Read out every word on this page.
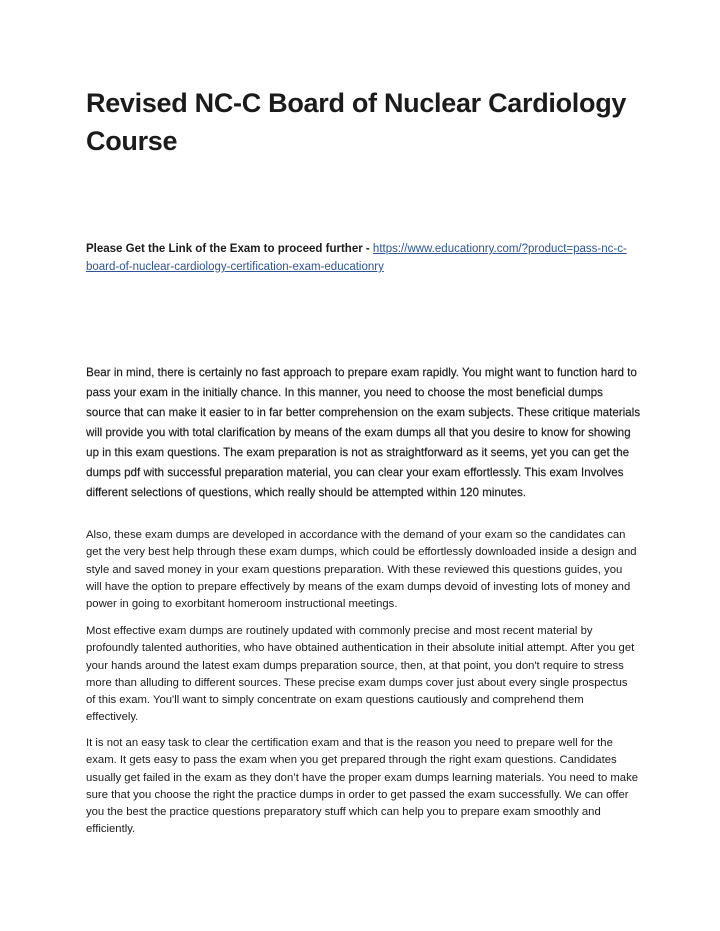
Revised NC-C Board of Nuclear Cardiology Course

Please Get the Link of the Exam to proceed further - https://www.educationry.com/?product=pass-nc-c-board-of-nuclear-cardiology-certification-exam-educationry

Bear in mind, there is certainly no fast approach to prepare exam rapidly. You might want to function hard to pass your exam in the initially chance. In this manner, you need to choose the most beneficial dumps source that can make it easier to in far better comprehension on the exam subjects. These critique materials will provide you with total clarification by means of the exam dumps all that you desire to know for showing up in this exam questions. The exam preparation is not as straightforward as it seems, yet you can get the dumps pdf with successful preparation material, you can clear your exam effortlessly. This exam Involves different selections of questions, which really should be attempted within 120 minutes.

Also, these exam dumps are developed in accordance with the demand of your exam so the candidates can get the very best help through these exam dumps, which could be effortlessly downloaded inside a design and style and saved money in your exam questions preparation. With these reviewed this questions guides, you will have the option to prepare effectively by means of the exam dumps devoid of investing lots of money and power in going to exorbitant homeroom instructional meetings.

Most effective exam dumps are routinely updated with commonly precise and most recent material by profoundly talented authorities, who have obtained authentication in their absolute initial attempt. After you get your hands around the latest exam dumps preparation source, then, at that point, you don't require to stress more than alluding to different sources. These precise exam dumps cover just about every single prospectus of this exam. You'll want to simply concentrate on exam questions cautiously and comprehend them effectively.

It is not an easy task to clear the certification exam and that is the reason you need to prepare well for the exam. It gets easy to pass the exam when you get prepared through the right exam questions. Candidates usually get failed in the exam as they don’t have the proper exam dumps learning materials. You need to make sure that you choose the right the practice dumps in order to get passed the exam successfully. We can offer you the best the practice questions preparatory stuff which can help you to prepare exam smoothly and efficiently.
